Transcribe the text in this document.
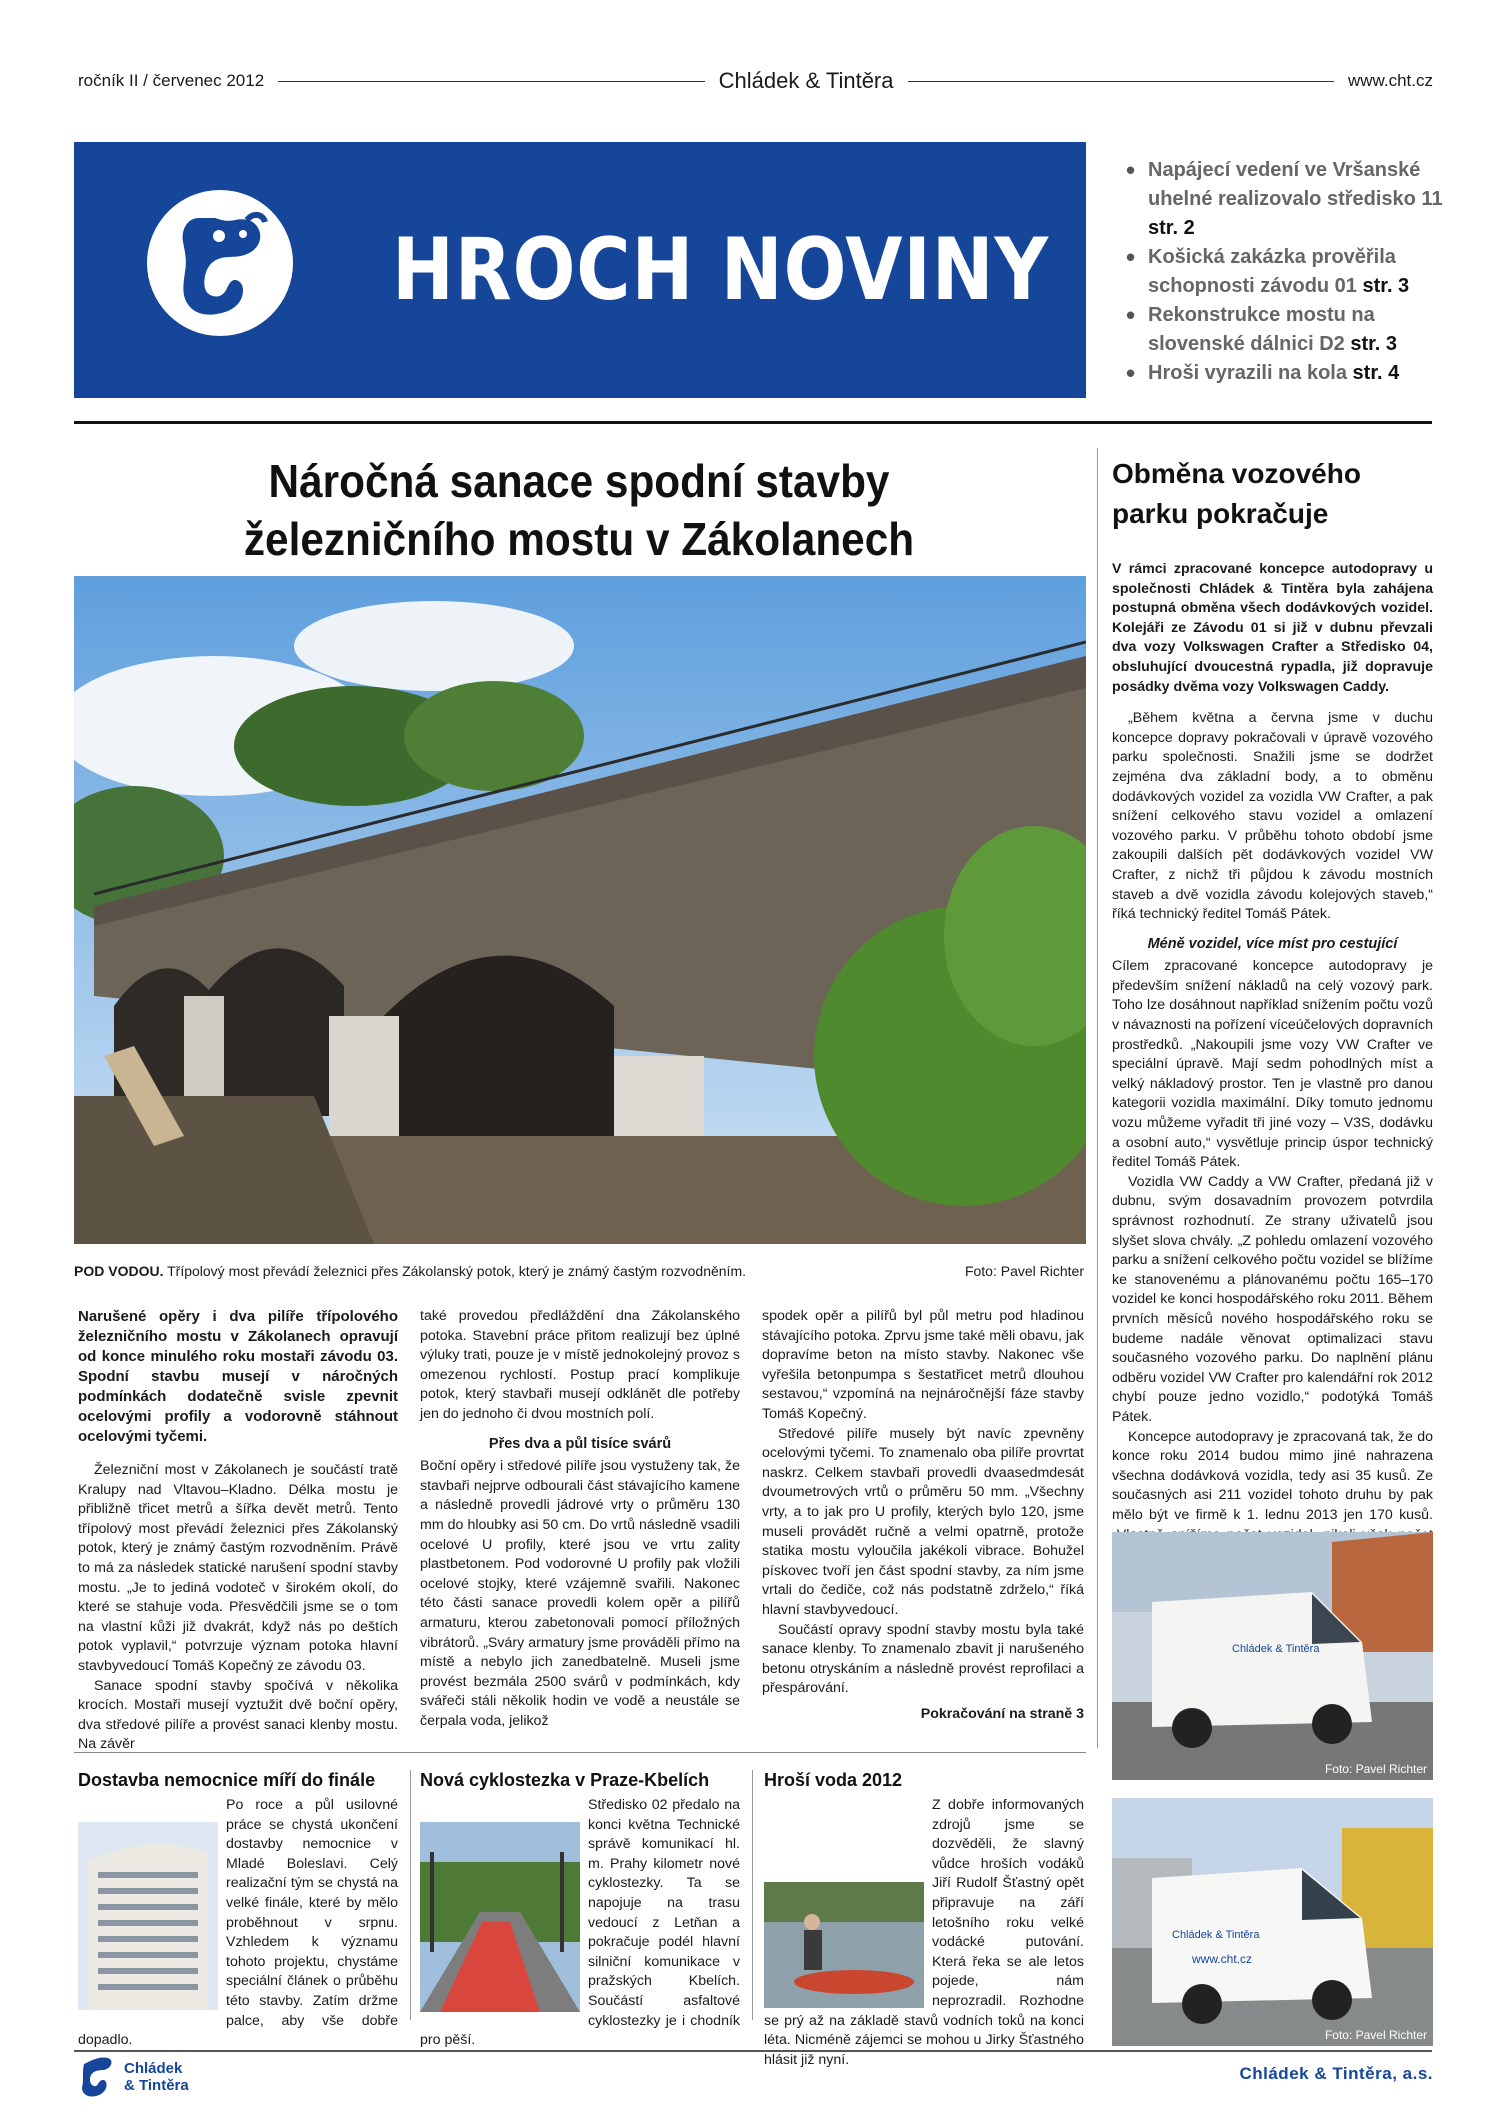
ročník II / červenec 2012	Chládek & Tintěra	www.cht.cz
HROCH NOVINY
• Napájecí vedení ve Vršanské uhelné realizovalo středisko 11 str. 2
• Košická zakázka prověřila schopnosti závodu 01 str. 3
• Rekonstrukce mostu na slovenské dálnici D2 str. 3
• Hroši vyrazili na kola str. 4
Náročná sanace spodní stavby
železničního mostu v Zákolanech
POD VODOU. Třípolový most převádí železnici přes Zákolanský potok, který je známý častým rozvodněním.	Foto: Pavel Richter

Narušené opěry i dva pilíře třípolového železničního mostu v Zákolanech opravují od konce minulého roku mostaři závodu 03. Spodní stavbu musejí v náročných podmínkách dodatečně svisle zpevnit ocelovými profily a vodorovně stáhnout ocelovými tyčemi.

Železniční most v Zákolanech je součástí tratě Kralupy nad Vltavou–Kladno. Délka mostu je přibližně třicet metrů a šířka devět metrů. Tento třípolový most převádí železnici přes Zákolanský potok, který je známý častým rozvodněním. Právě to má za následek statické narušení spodní stavby mostu. „Je to jediná vodoteč v širokém okolí, do které se stahuje voda. Přesvědčili jsme se o tom na vlastní kůži již dvakrát, když nás po deštích potok vyplavil,“ potvrzuje význam potoka hlavní stavbyvedoucí Tomáš Kopečný ze závodu 03.

Sanace spodní stavby spočívá v několika krocích. Mostaři musejí vyztužit dvě boční opěry, dva středové pilíře a provést sanaci klenby mostu. Na závěr

také provedou předláždění dna Zákolanského potoka. Stavební práce přitom realizují bez úplné výluky trati, pouze je v místě jednokolejný provoz s omezenou rychlostí. Postup prací komplikuje potok, který stavbaři musejí odklánět dle potřeby jen do jednoho či dvou mostních polí.

Přes dva a půl tisíce svárů

Boční opěry i středové pilíře jsou vystuženy tak, že stavbaři nejprve odbourali část stávajícího kamene a následně provedli jádrové vrty o průměru 130 mm do hloubky asi 50 cm. Do vrtů následně vsadili ocelové U profily, které jsou ve vrtu zality plastbetonem. Pod vodorovné U profily pak vložili ocelové stojky, které vzájemně svařili. Nakonec této části sanace provedli kolem opěr a pilířů armaturu, kterou zabetonovali pomocí příložných vibrátorů. „Sváry armatury jsme prováděli přímo na místě a nebylo jich zanedbatelně. Museli jsme provést bezmála 2500 svárů v podmínkách, kdy svářeči stáli několik hodin ve vodě a neustále se čerpala voda, jelikož

spodek opěr a pilířů byl půl metru pod hladinou stávajícího potoka. Zprvu jsme také měli obavu, jak dopravíme beton na místo stavby. Nakonec vše vyřešila betonpumpa s šestatřicet metrů dlouhou sestavou,“ vzpomíná na nejnáročnější fáze stavby Tomáš Kopečný.

Středové pilíře musely být navíc zpevněny ocelovými tyčemi. To znamenalo oba pilíře provrtat naskrz. Celkem stavbaři provedli dvaasedmdesát dvoumetrových vrtů o průměru 50 mm. „Všechny vrty, a to jak pro U profily, kterých bylo 120, jsme museli provádět ručně a velmi opatrně, protože statika mostu vyloučila jakékoli vibrace. Bohužel pískovec tvoří jen část spodní stavby, za ním jsme vrtali do čediče, což nás podstatně zdrželo,“ říká hlavní stavbyvedoucí.

Součástí opravy spodní stavby mostu byla také sanace klenby. To znamenalo zbavit ji narušeného betonu otryskáním a následně provést reprofilaci a přespárování.

Pokračování na straně 3
Obměna vozového parku pokračuje

V rámci zpracované koncepce autodopravy u společnosti Chládek & Tintěra byla zahájena postupná obměna všech dodávkových vozidel. Kolejáři ze Závodu 01 si již v dubnu převzali dva vozy Volkswagen Crafter a Středisko 04, obsluhující dvoucestná rypadla, již dopravuje posádky dvěma vozy Volkswagen Caddy.

„Během května a června jsme v duchu koncepce dopravy pokračovali v úpravě vozového parku společnosti. Snažili jsme se dodržet zejména dva základní body, a to obměnu dodávkových vozidel za vozidla VW Crafter, a pak snížení celkového stavu vozidel a omlazení vozového parku. V průběhu tohoto období jsme zakoupili dalších pět dodávkových vozidel VW Crafter, z nichž tři půjdou k závodu mostních staveb a dvě vozidla závodu kolejových staveb,“ říká technický ředitel Tomáš Pátek.

Méně vozidel, více míst pro cestující

Cílem zpracované koncepce autodopravy je především snížení nákladů na celý vozový park. Toho lze dosáhnout například snížením počtu vozů v návaznosti na pořízení víceúčelových dopravních prostředků. „Nakoupili jsme vozy VW Crafter ve speciální úpravě. Mají sedm pohodlných míst a velký nákladový prostor. Ten je vlastně pro danou kategorii vozidla maximální. Díky tomuto jednomu vozu můžeme vyřadit tři jiné vozy – V3S, dodávku a osobní auto,“ vysvětluje princip úspor technický ředitel Tomáš Pátek.

Vozidla VW Caddy a VW Crafter, předaná již v dubnu, svým dosavadním provozem potvrdila správnost rozhodnutí. Ze strany uživatelů jsou slyšet slova chvály. „Z pohledu omlazení vozového parku a snížení celkového počtu vozidel se blížíme ke stanovenému a plánovanému počtu 165–170 vozidel ke konci hospodářského roku 2011. Během prvních měsíců nového hospodářského roku se budeme nadále věnovat optimalizaci stavu současného vozového parku. Do naplnění plánu odběru vozidel VW Crafter pro kalendářní rok 2012 chybí pouze jedno vozidlo,“ podotýká Tomáš Pátek.

Koncepce autodopravy je zpracovaná tak, že do konce roku 2014 budou mimo jiné nahrazena všechna dodávková vozidla, tedy asi 35 kusů. Ze současných asi 211 vozidel tohoto druhu by pak mělo být ve firmě k 1. lednu 2013 jen 170 kusů.

Chládek & Tintěra
Foto: Pavel Richter
Chládek & Tintěra
www.cht.cz
Foto: Pavel Richter
Dostavba nemocnice míří do finále
Po roce a půl usilovné práce se chystá ukončení dostavby nemocnice v Mladé Boleslavi. Celý realizační tým se chystá na velké finále, které by mělo proběhnout v srpnu. Vzhledem k významu tohoto projektu, chystáme speciální článek o průběhu této stavby. Zatím držme palce, aby vše dobře dopadlo.
Nová cyklostezka v Praze-Kbelích
Středisko 02 předalo na konci května Technické správě komunikací hl. m. Prahy kilometr nové cyklostezky. Ta se napojuje na trasu vedoucí z Letňan a pokračuje podél hlavní silniční komunikace v pražských Kbelích. Součástí asfaltové cyklostezky je i chodník pro pěší.
Hroší voda 2012
Z dobře informovaných zdrojů jsme se dozvěděli, že slavný vůdce hroších vodáků Jiří Rudolf Šťastný opět připravuje na září letošního roku velké vodácké putování. Která řeka se ale letos pojede, nám neprozradil. Rozhodne se prý až na základě stavů vodních toků na konci léta. Nicméně zájemci se mohou u Jirky Šťastného hlásit již nyní.
Chládek
& Tintěra
Chládek & Tintěra, a.s.
